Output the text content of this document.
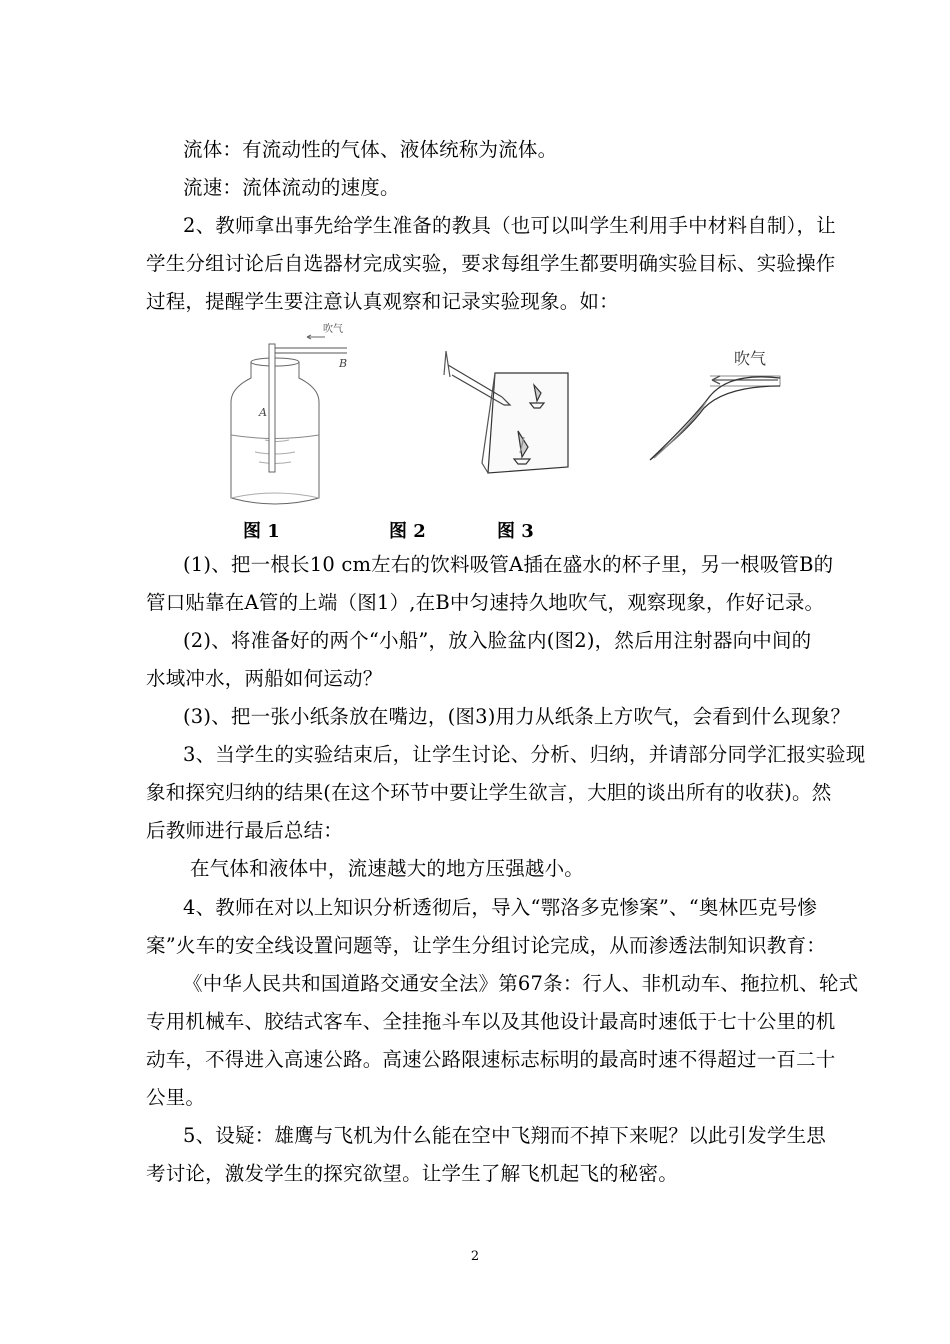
流体：有流动性的气体、液体统称为流体。
流速：流体流动的速度。
2、教师拿出事先给学生准备的教具（也可以叫学生利用手中材料自制），让
学生分组讨论后自选器材完成实验，要求每组学生都要明确实验目标、实验操作
过程，提醒学生要注意认真观察和记录实验现象。如：
吹气
A
B	吹气
图 1	图 2	图 3
(1)、把一根长10 cm左右的饮料吸管A插在盛水的杯子里，另一根吸管B的
管口贴靠在A管的上端（图1）,在B中匀速持久地吹气，观察现象，作好记录。
(2)、将准备好的两个“小船”，放入脸盆内(图2)，然后用注射器向中间的
水域冲水，两船如何运动？
(3)、把一张小纸条放在嘴边，(图3)用力从纸条上方吹气，会看到什么现象？
3、当学生的实验结束后，让学生讨论、分析、归纳，并请部分同学汇报实验现
象和探究归纳的结果(在这个环节中要让学生欲言，大胆的谈出所有的收获)。然
后教师进行最后总结：
在气体和液体中，流速越大的地方压强越小。
4、教师在对以上知识分析透彻后，导入“鄂洛多克惨案”、“奥林匹克号惨
案”火车的安全线设置问题等，让学生分组讨论完成，从而渗透法制知识教育：
《中华人民共和国道路交通安全法》第67条：行人、非机动车、拖拉机、轮式
专用机械车、胶结式客车、全挂拖斗车以及其他设计最高时速低于七十公里的机
动车，不得进入高速公路。高速公路限速标志标明的最高时速不得超过一百二十
公里。
5、设疑：雄鹰与飞机为什么能在空中飞翔而不掉下来呢？以此引发学生思
考讨论，激发学生的探究欲望。让学生了解飞机起飞的秘密。
2
